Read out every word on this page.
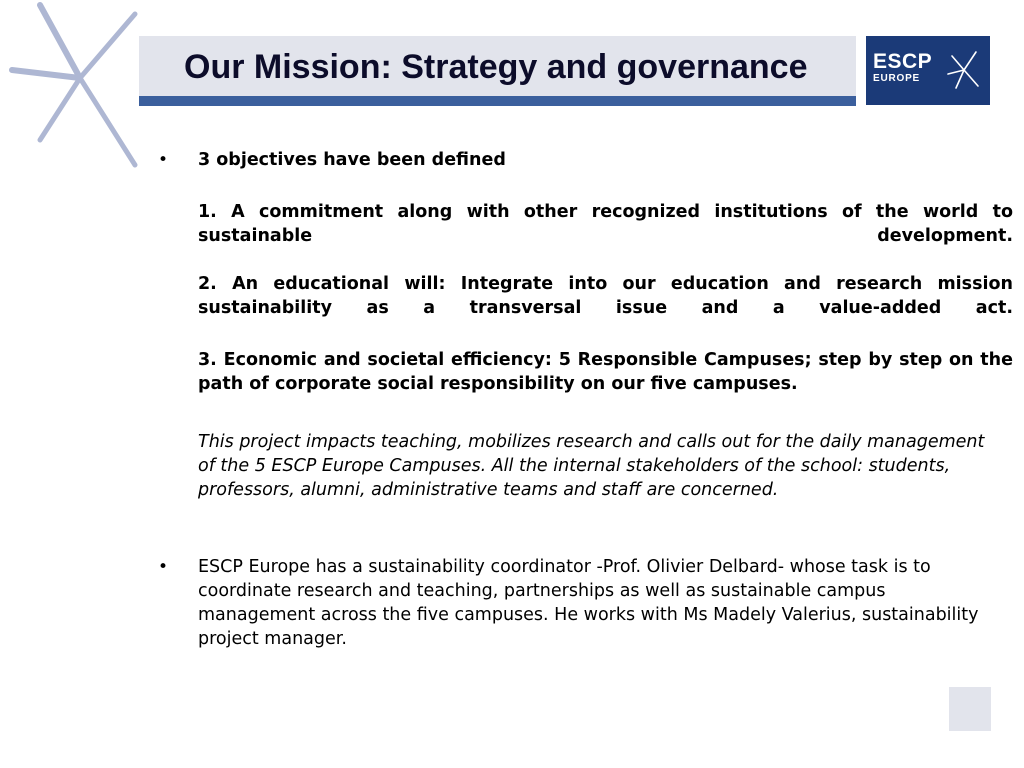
Our Mission: Strategy and governance	ESCP
EUROPE
• 3 objectives have been defined
1. A commitment along with other recognized institutions of the world to sustainable development.
2. An educational will: Integrate into our education and research mission sustainability as a transversal issue and a value-added act.
3. Economic and societal efficiency: 5 Responsible Campuses; step by step on the path of corporate social responsibility on our five campuses.
This project impacts teaching, mobilizes research and calls out for the daily management of the 5 ESCP Europe Campuses. All the internal stakeholders of the school: students, professors, alumni, administrative teams and staff are concerned.
• ESCP Europe has a sustainability coordinator -Prof. Olivier Delbard- whose task is to coordinate research and teaching, partnerships as well as sustainable campus management across the five campuses. He works with Ms Madely Valerius, sustainability project manager.
